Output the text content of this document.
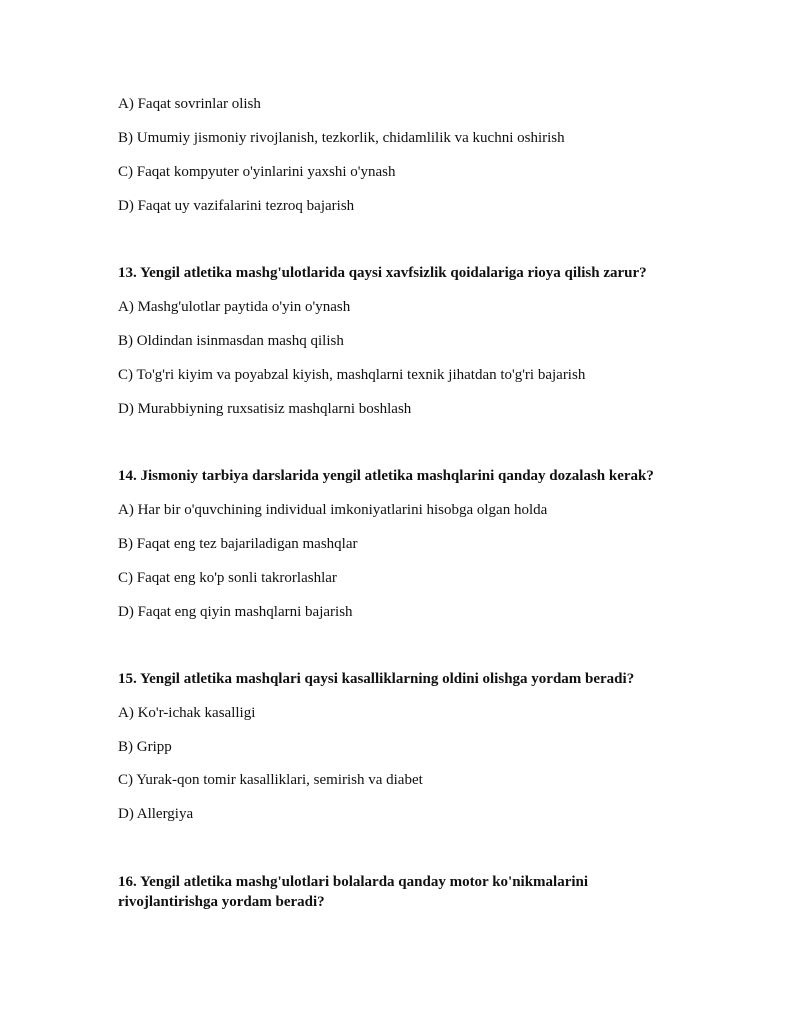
A) Faqat sovrinlar olish
B) Umumiy jismoniy rivojlanish, tezkorlik, chidamlilik va kuchni oshirish
C) Faqat kompyuter o'yinlarini yaxshi o'ynash
D) Faqat uy vazifalarini tezroq bajarish
13. Yengil atletika mashg'ulotlarida qaysi xavfsizlik qoidalariga rioya qilish zarur?
A) Mashg'ulotlar paytida o'yin o'ynash
B) Oldindan isinmasdan mashq qilish
C) To'g'ri kiyim va poyabzal kiyish, mashqlarni texnik jihatdan to'g'ri bajarish
D) Murabbiyning ruxsatisiz mashqlarni boshlash
14. Jismoniy tarbiya darslarida yengil atletika mashqlarini qanday dozalash kerak?
A) Har bir o'quvchining individual imkoniyatlarini hisobga olgan holda
B) Faqat eng tez bajariladigan mashqlar
C) Faqat eng ko'p sonli takrorlashlar
D) Faqat eng qiyin mashqlarni bajarish
15. Yengil atletika mashqlari qaysi kasalliklarning oldini olishga yordam beradi?
A) Ko'r-ichak kasalligi
B) Gripp
C) Yurak-qon tomir kasalliklari, semirish va diabet
D) Allergiya
16. Yengil atletika mashg'ulotlari bolalarda qanday motor ko'nikmalarini rivojlantirishga yordam beradi?
